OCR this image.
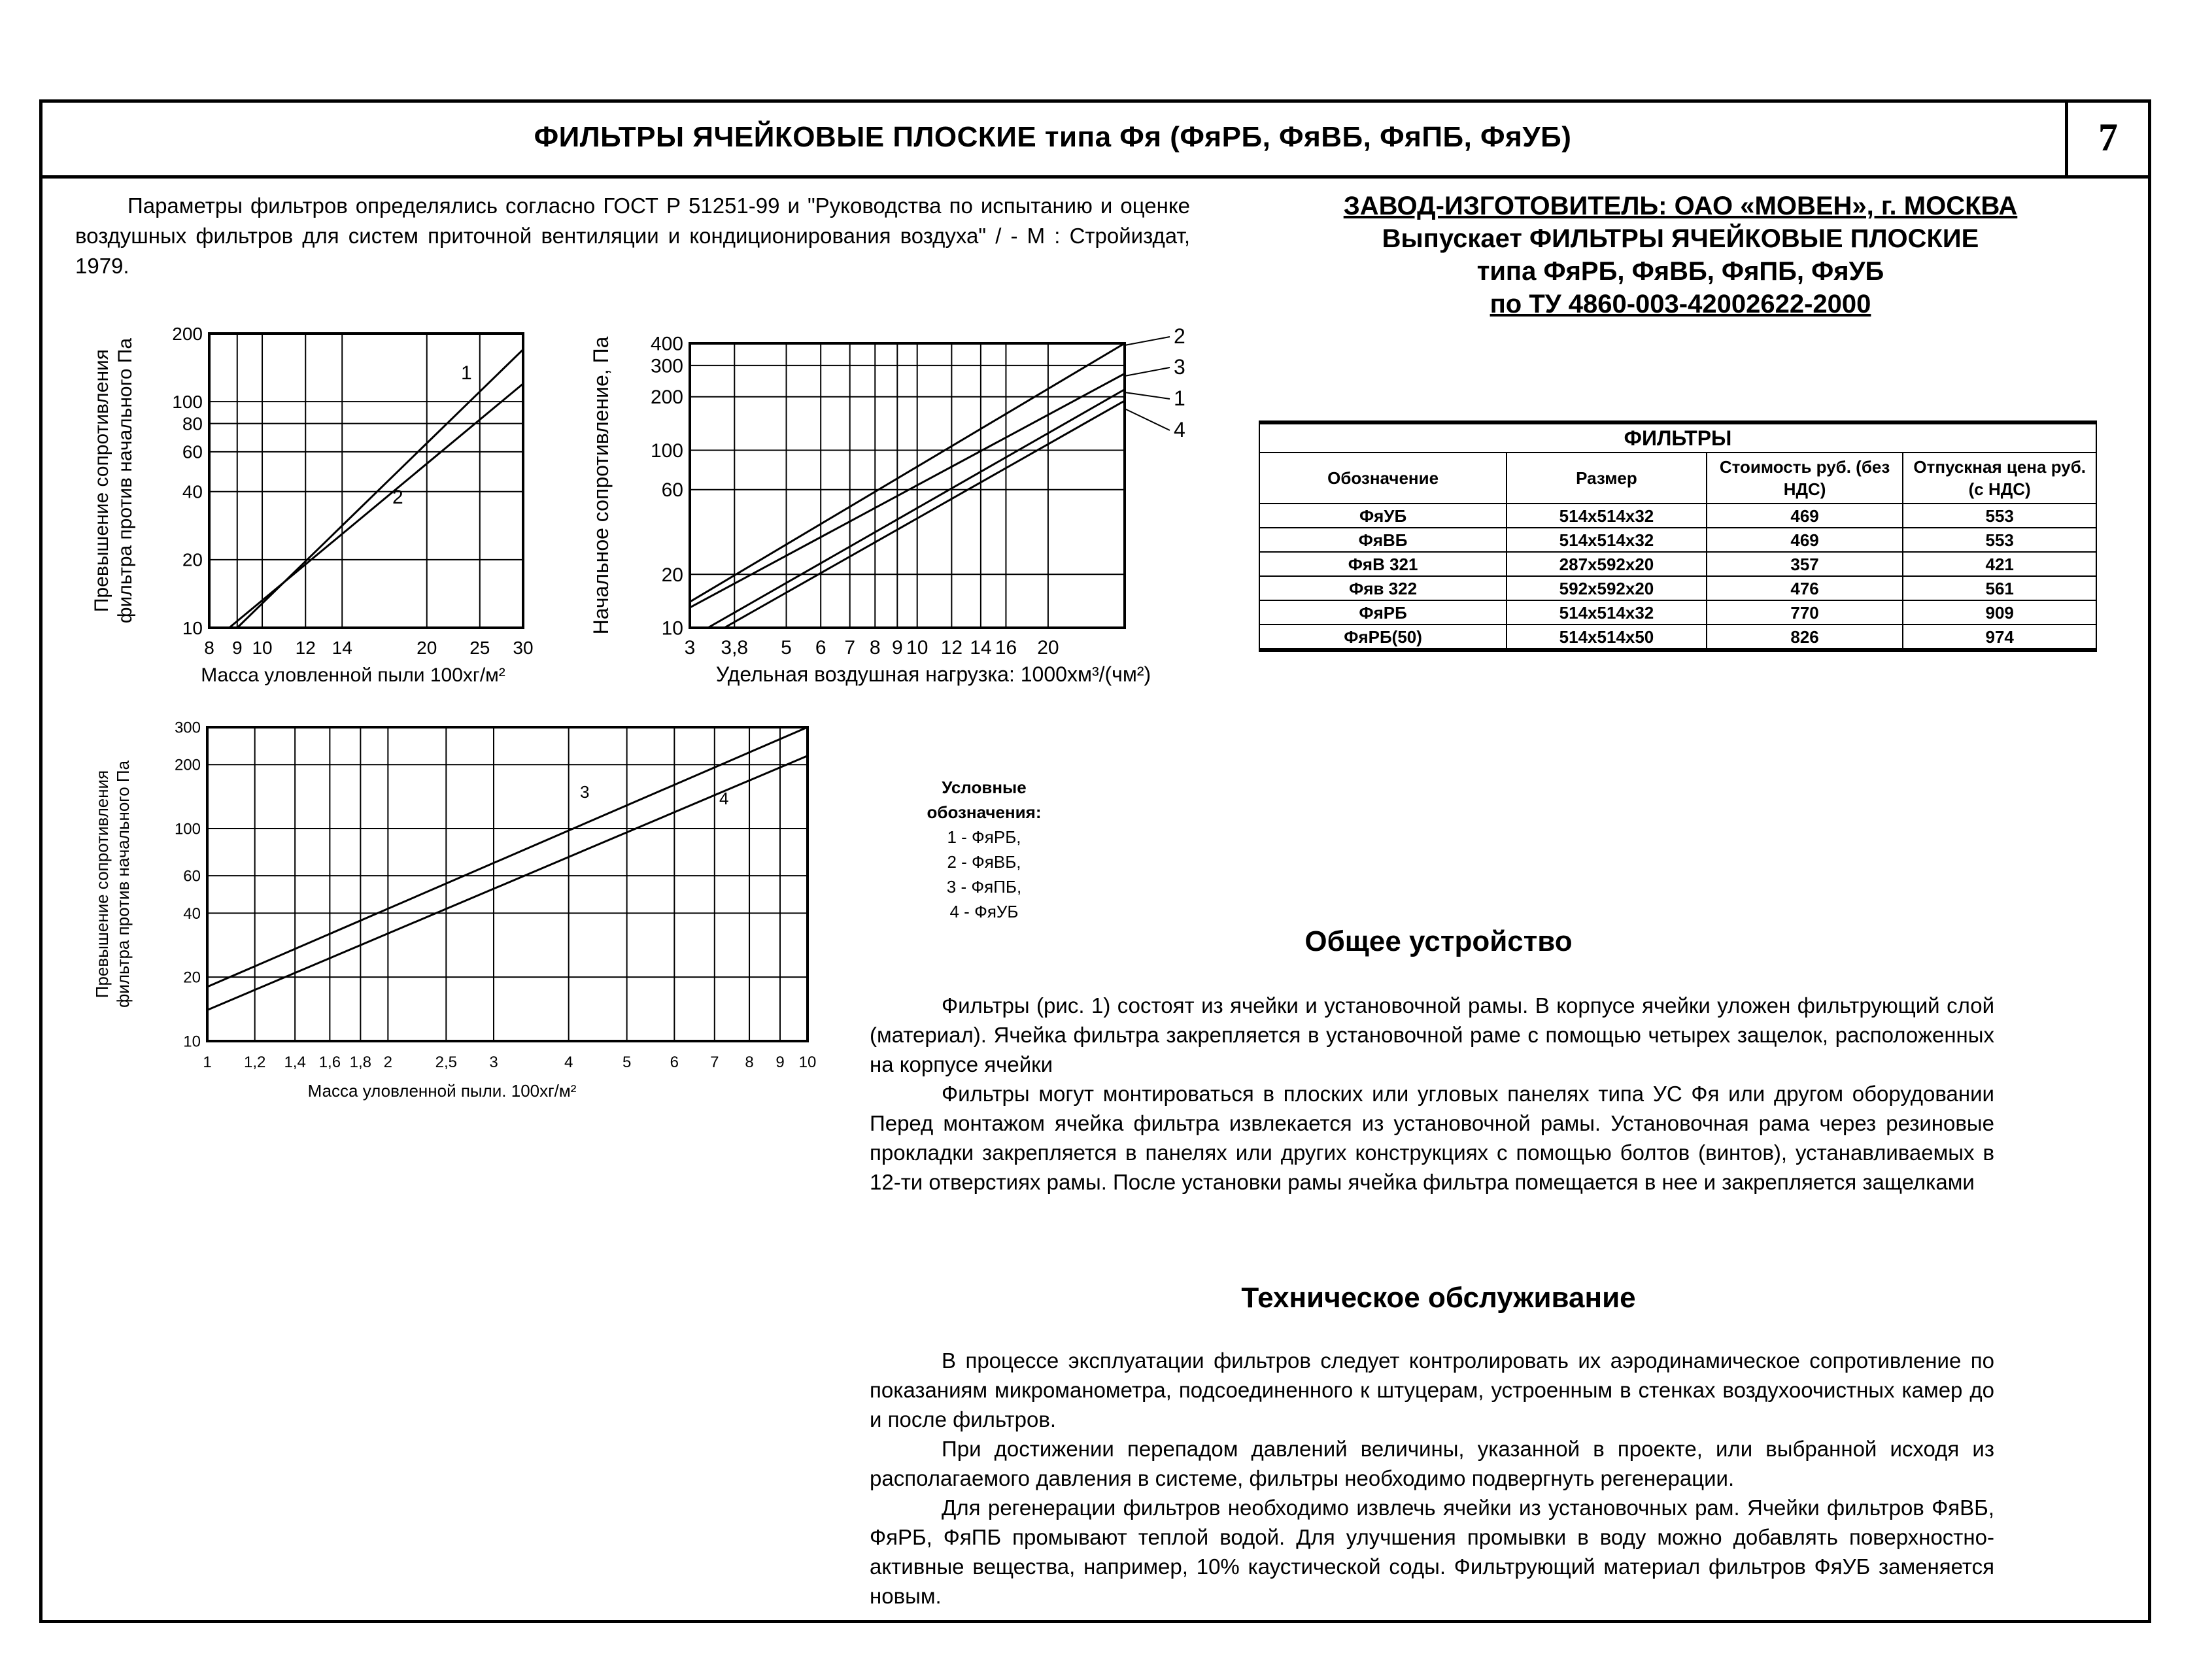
ФИЛЬТРЫ ЯЧЕЙКОВЫЕ ПЛОСКИЕ типа Фя (ФяРБ, ФяВБ, ФяПБ, ФяУБ)	7
Параметры фильтров определялись согласно ГОСТ Р 51251-99 и "Руководства по испытанию и оценке воздушных фильтров для систем приточной вентиляции и кондиционирования воздуха" / - М : Стройиздат, 1979.
ЗАВОД-ИЗГОТОВИТЕЛЬ: ОАО «МОВЕН», г. МОСКВА
Выпускает ФИЛЬТРЫ ЯЧЕЙКОВЫЕ ПЛОСКИЕ
типа ФяРБ, ФяВБ, ФяПБ, ФяУБ
по ТУ 4860-003-42002622-2000
ФИЛЬТРЫ			
Обозначение	Размер	Стоимость руб. (без НДС)	Отпускная цена руб. (с НДС)
ФяУБ	514x514x32	469	553
ФяВБ	514x514x32	469	553
ФяВ 321	287x592x20	357	421
Фяв 322	592x592x20	476	561
ФяРБ	514x514x32	770	909
ФяРБ(50)	514x514x50	826	974
8 9 10 12 14	20 25 30
10
20
40
60
80
100
200
1
2
Масса уловленной пыли 100хг/м²
Превышение сопротивления фильтра против начального Па
3 3,8 5 6 7 8 9 10 12 14 16 20
10
20
60
100
200
300
400	2
3
1
4
Удельная воздушная нагрузка: 1000хм³/(чм²)
Начальное сопротивление, Па
1 1,2 1,4 1,6 1,8 2	2,5 3	4	5 6 7 8 9 10
10
20
40
60
100
200
300
3	4
Масса уловленной пыли. 100хг/м²
Превышение сопротивления фильтра против начального Па	Условные обозначения:
1 - ФяРБ,
2 - ФяВБ,
3 - ФяПБ,
4 - ФяУБ
Общее устройство

Фильтры (рис. 1) состоят из ячейки и установочной рамы. В корпусе ячейки уложен фильтрующий слой (материал). Ячейка фильтра закрепляется в установочной раме с помощью четырех защелок, расположенных на корпусе ячейки

Фильтры могут монтироваться в плоских или угловых панелях типа УС Фя или другом оборудовании Перед монтажом ячейка фильтра извлекается из установочной рамы. Установочная рама через резиновые прокладки закрепляется в панелях или других конструкциях с помощью болтов (винтов), устанавливаемых в 12-ти отверстиях рамы. После установки рамы ячейка фильтра помещается в нее и закрепляется защелками

Техническое обслуживание

В процессе эксплуатации фильтров следует контролировать их аэродинамическое сопротивление по показаниям микроманометра, подсоединенного к штуцерам, устроенным в стенках воздухоочистных камер до и после фильтров.

При достижении перепадом давлений величины, указанной в проекте, или выбранной исходя из располагаемого давления в системе, фильтры необходимо подвергнуть регенерации.

Для регенерации фильтров необходимо извлечь ячейки из установочных рам. Ячейки фильтров ФяВБ, ФяРБ, ФяПБ промывают теплой водой. Для улучшения промывки в воду можно добавлять поверхностно-активные вещества, например, 10% каустической соды. Фильтрующий материал фильтров ФяУБ заменяется новым.
